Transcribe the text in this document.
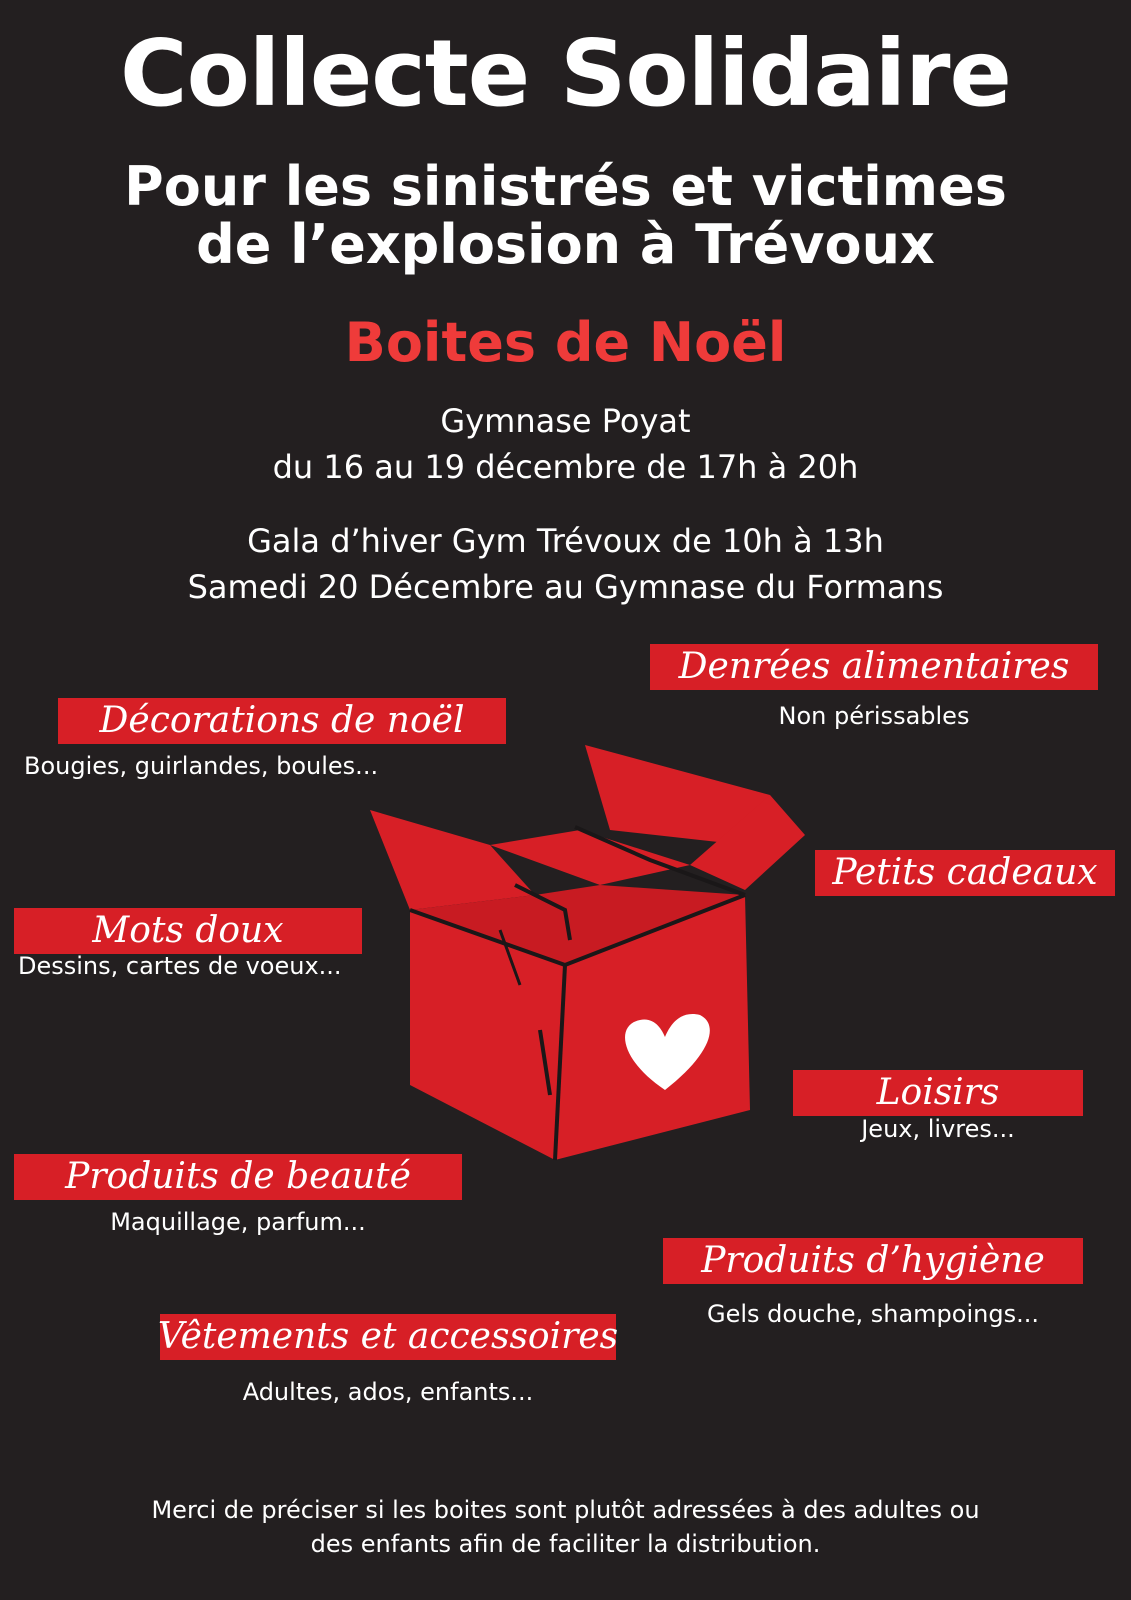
Collecte Solidaire
Pour les sinistrés et victimes
de l’explosion à Trévoux
Boites de Noël
Gymnase Poyat
du 16 au 19 décembre de 17h à 20h
Gala d’hiver Gym Trévoux de 10h à 13h
Samedi 20 Décembre au Gymnase du Formans
Denrées alimentaires
Non périssables
Décorations de noël
Bougies, guirlandes, boules...
Petits cadeaux
Mots doux
Dessins, cartes de voeux...
Loisirs
Jeux, livres...
Produits de beauté
Maquillage, parfum...
Produits d’hygiène
Gels douche, shampoings...
Vêtements et accessoires
Adultes, ados, enfants...
Merci de préciser si les boites sont plutôt adressées à des adultes ou
des enfants afin de faciliter la distribution.
